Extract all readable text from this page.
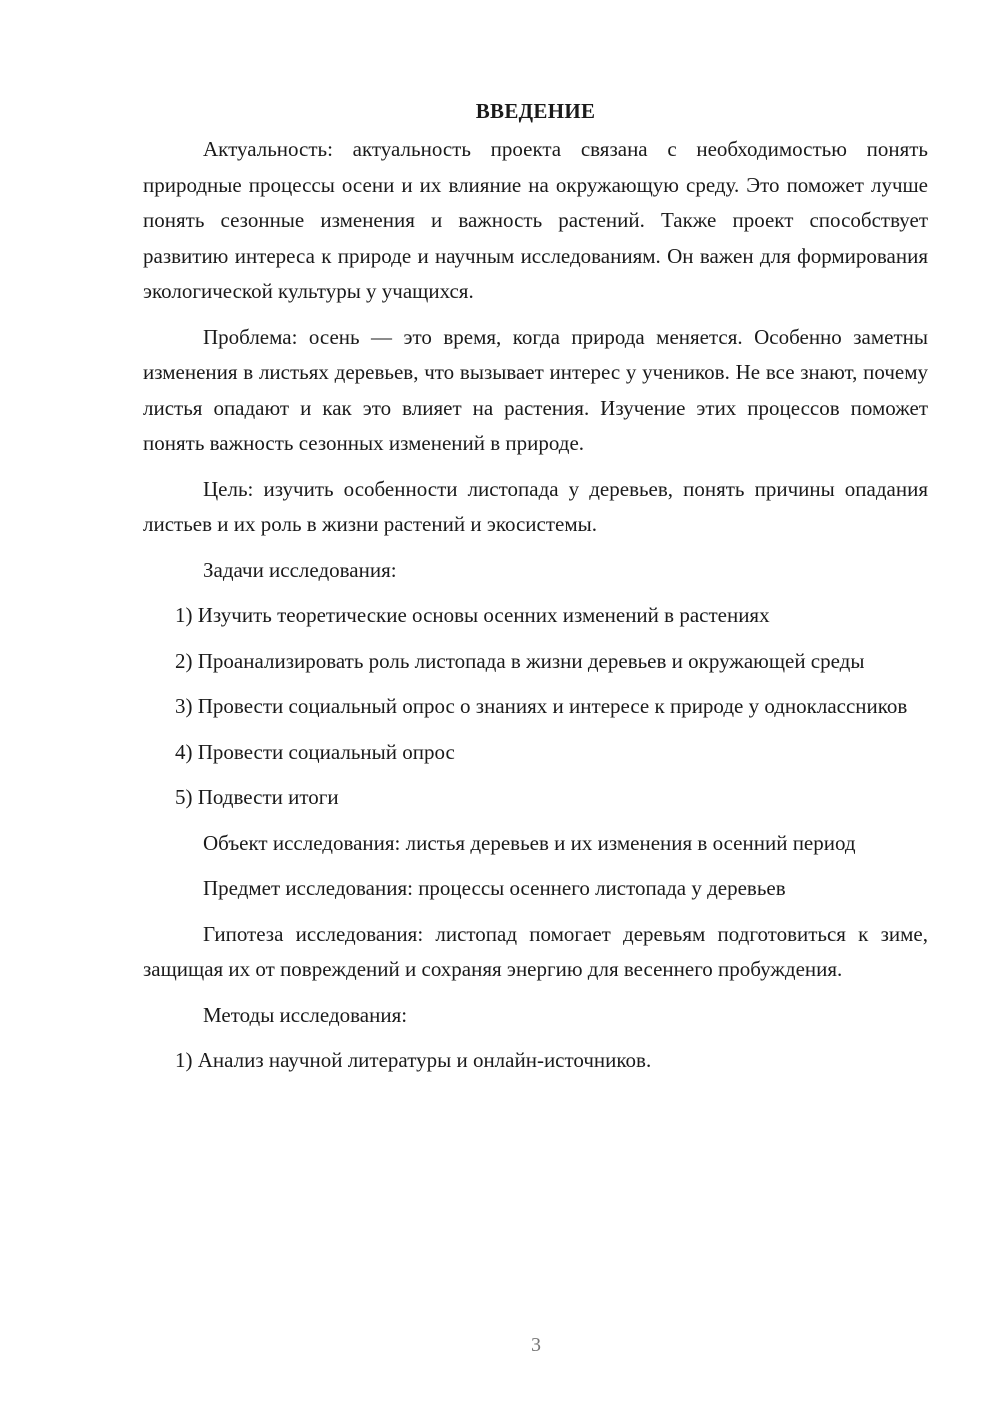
ВВЕДЕНИЕ

Актуальность: актуальность проекта связана с необходимостью понять природные процессы осени и их влияние на окружающую среду. Это поможет лучше понять сезонные изменения и важность растений. Также проект способствует развитию интереса к природе и научным исследованиям. Он важен для формирования экологической культуры у учащихся.

Проблема: осень — это время, когда природа меняется. Особенно заметны изменения в листьях деревьев, что вызывает интерес у учеников. Не все знают, почему листья опадают и как это влияет на растения. Изучение этих процессов поможет понять важность сезонных изменений в природе.

Цель: изучить особенности листопада у деревьев, понять причины опадания листьев и их роль в жизни растений и экосистемы.

Задачи исследования:

1) Изучить теоретические основы осенних изменений в растениях

2) Проанализировать роль листопада в жизни деревьев и окружающей среды

3) Провести социальный опрос о знаниях и интересе к природе у одноклассников

4) Провести социальный опрос

5) Подвести итоги

Объект исследования: листья деревьев и их изменения в осенний период

Предмет исследования: процессы осеннего листопада у деревьев

Гипотеза исследования: листопад помогает деревьям подготовиться к зиме, защищая их от повреждений и сохраняя энергию для весеннего пробуждения.

Методы исследования:

1) Анализ научной литературы и онлайн-источников.

3
